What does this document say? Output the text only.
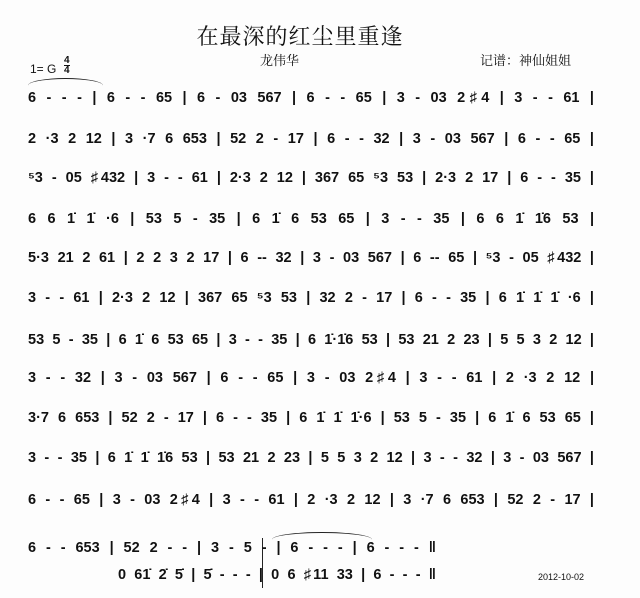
在最深的红尘里重逢
龙伟华	记谱：神仙姐姐
1= G
4
4
6 - - - | 6 - - 65 | 6 - 03 567 | 6 - - 65 | 3 - 03 2♯4 | 3 - - 61 |
2 ·3 2 12 | 3 ·7 6 653 | 52 2 - 17 | 6 - - 32 | 3 - 03 567 | 6 - - 65 |
⁵3 - 05 ♯432 | 3 - - 61 | 2·3 2 12 | 367 65 ⁵3 53 | 2·3 2 17 | 6 - - 35 |
6 6 1̇ 1̇ ·6 | 53 5 - 35 | 6 1̇ 6 53 65 | 3 - - 35 | 6 6 1̇ 1̇6 53 |
5·3 21 2 61 | 2 2 3 2 17 | 6 -- 32 | 3 - 03 567 | 6 -- 65 | ⁵3 - 05 ♯432 |
3 - - 61 | 2·3 2 12 | 367 65 ⁵3 53 | 32 2 - 17 | 6 - - 35 | 6 1̇ 1̇ 1̇ ·6 |
53 5 - 35 | 6 1̇ 6 53 65 | 3 - - 35 | 6 1̇·1̇6 53 | 53 21 2 23 | 5 5 3 2 12 |
3 - - 32 | 3 - 03 567 | 6 - - 65 | 3 - 03 2♯4 | 3 - - 61 | 2 ·3 2 12 |
3·7 6 653 | 52 2 - 17 | 6 - - 35 | 6 1̇ 1̇ 1̇·6 | 53 5 - 35 | 6 1̇ 6 53 65 |
3 - - 35 | 6 1̇ 1̇ 1̇6 53 | 53 21 2 23 | 5 5 3 2 12 | 3 - - 32 | 3 - 03 567 |
6 - - 65 | 3 - 03 2♯4 | 3 - - 61 | 2 ·3 2 12 | 3 ·7 6 653 | 52 2 - 17 |
6 - - 653 | 52 2 - - | 3 - 5 - | 6 - - - | 6 - - - ‖
0 61̇ 2̇ 5̇ | 5̇ - - - | 0 6 ♯11 33 | 6 - - - ‖	2012-10-02
